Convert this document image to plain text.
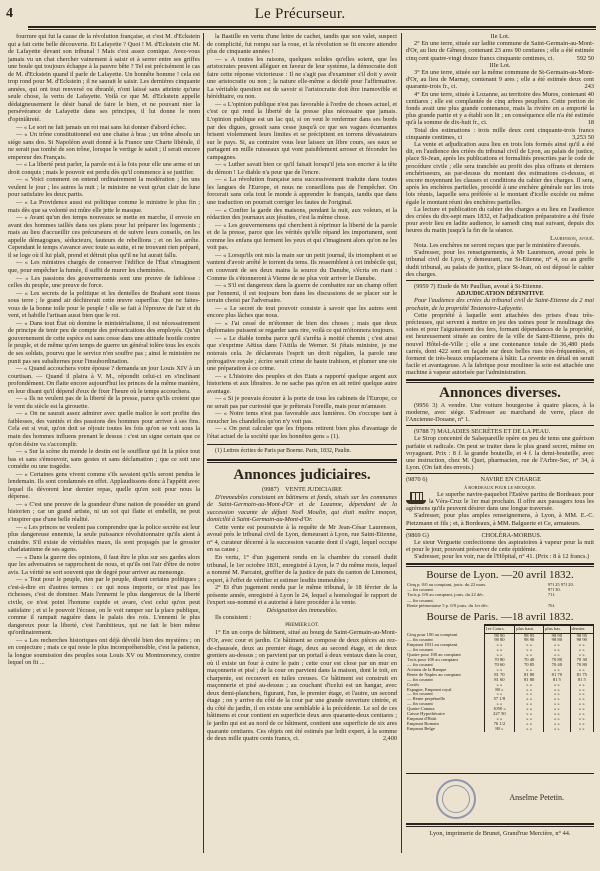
4	Le Précurseur.

fourrure qui fut la cause de la révolution française, et c'est M. d'Eckstein qui a fait cette belle découverte. Et Lafayette ? Quoi ! M. d'Eckstein cite M. de Lafayette devant son tribunal ! Mais c'est assez comique. Avez-vous jamais vu un chat chercher vainement à saisir et à serrer entre ses griffes une boule qui toujours échappe à la pauvre bête ? Tel est précisément le cas de M. d'Eckstein quand il parle de Lafayette. Un honnête homme ! cela est trop rond pour M. d'Eckstein ; il ne saurait le saisir. Les dernières cinquante années, qui ont tout renversé ou ébranlé, n'ont laissé sans atteinte qu'une seule chose, la vertu de Lafayette. Voilà ce que M. d'Eckstein appelle dédaigneusement le désir banal de faire le bien, et ne pouvant nier la persévérance de Lafayette dans ses principes, il lui donne le nom d'opiniâtreté.

— « Le sort ne fait jamais un roi mat sans lui donner d'abord échec.

— « Un trône constitutionnel est une chaise à bras ; un trône absolu un siége sans dos. Si Napoléon avait donné à la France une Charte libérale, il ne serait pas tombé de son trône, lorsque le vertige le saisit ; il serait encore empereur des Français.

— « La liberté peut parler, la parole est à la fois pour elle une arme et un droit conquis ; mais le pouvoir est perdu dès qu'il commence à se justifier.

— « Voici comment on entend ordinairement la modération ; les uns veulent le jour ; les autres la nuit ; le ministre ne veut qu'un clair de lune pour satisfaire les deux partis.

— « La Providence aussi est politique comme le ministre le plus fin ; mais dès que sa volonté est mûre elle jette le masque.

— « Avant qu'un des temps nouveaux se mette en marche, il envoie en avant des hommes taillés dans ses plans pour lui préparer les logements ; mais au lieu d'accueillir ces précurseurs et de suivre leurs conseils, on les appelle démagogues, séducteurs, fauteurs de rebellions ; et on les arrête. Cependant le temps s'avance avec toute sa suite, et ne trouvant rien préparé, il se loge où il lui plaît, prend et détruit plus qu'il ne lui aurait fallu.

— « Les ministres chargés de conserver l'édifice de l'État s'imaginent que, pour empêcher la fumée, il suffit de murer les cheminées.

— « Les passions des gouvernements sont une preuve de faiblesse : celles du peuple, une preuve de force.

— « Les secrets de la politique et les dentelles de Brabant sont tissus sous terre ; le grand air déchirerait cette œuvre superflue. Que ne faites-vous de la bonne toile pour le peuple ! elle se fait à l'épreuve de l'air et du vent, et habille l'artisan aussi bien que le roi.

— « Dans tout État où domine le ministérialisme, il est nécessairement de principe de tenir peu de compte des prévarications des employés. Qu'un gouvernement de cette espèce est sans cesse dans une attitude hostile contre le peuple, et de même qu'en temps de guerre un général tolère tous les excès de ses soldats, pourvu que le service n'en souffre pas ; ainsi le ministère ne punit pas ses subalternes pour l'insubordination.

— « Quand accouchera votre épouse ? demanda un jour Louis XIV à un courtisan. — Quand il plaira à V. M., répondit celui-ci en s'inclinant profondément. On flatte encore aujourd'hui les princes de la même manière, en leur disant qu'il dépend d'eux de fixer l'heure où le temps accouchera.

— « Ils ne veulent pas de la liberté de la presse, parce qu'ils croient que le vent du siècle est la girouette.

— « On ne saurait assez admirer avec quelle malice le sort profite des faiblesses, des vanités et des passions des hommes pour arriver à ses fins. Cela est si vrai, qu'on doit se réjouir toutes les fois qu'on se voit sous la main des hommes influens prenant le dessus : c'est un signe certain que ce qu'on désire va s'accomplir.

— « Sur la scène du monde le destin est le souffleur qui lit la pièce tout bas et sans s'émouvoir, sans gestes et sans déclamation ; que ce soit une comédie ou une tragédie.

— « Certaines gens vivent comme s'ils savaient qu'ils seront pendus le lendemain. Ils sont condamnés en effet. Applaudissons donc à l'appétit avec lequel ils dévorent leur dernier repas, quelle qu'en soit pour nous la dépense.

— « C'est une preuve de la grandeur d'une nation de posséder un grand historien ; car un grand artiste, ni un sot qui flatte et embellit, ne peut s'inspirer que d'une belle réalité.

— « Les princes ne veulent pas comprendre que la police secrète est leur plus dangereuse ennemie, la seule puissance révolutionnaire qu'ils aient à craindre. S'il existe de véritables maux, ils sont propagés par le grossier charlatanisme de ses agens.

— « Dans la guerre des opinions, il faut être le plus sur ses gardes alors que les adversaires se rapprochent de nous, et qu'ils ont l'air d'être de notre avis. La vérité ne sort souvent que de degré pour arriver au mensonge.

— « Tout pour le peuple, rien par le peuple, disent certains politiques ; c'est-à-dire en d'autres termes : ce qui nous importe, ce n'est pas les richesses, c'est de dominer. Mais l'ennemi le plus dangereux de la liberté civile, ce n'est point l'homme cupide et avare, c'est celui qu'on peut satisfaire ; et si le pouvoir l'écrase, on le voit ramper sur la place publique, comme il rampait naguère dans le palais des rois. L'ennemi le plus dangereux pour la liberté, c'est l'ambitieux, qui ne fait le bien même qu'ordinairement.

— « Les recherches historiques ont déjà dévoilé bien des mystères ; on en conjecture ; mais ce qui reste le plus incompréhensible, c'est la patience, la longue soumission des peuples sous Louis XV ou Montmorency, contre lequel on fit ...

la Bastille en vertu d'une lettre de cachet, tandis que son valet, suspect de complicité, fut rompu sur la roue, et la révolution se fit encore attendre plus de cinquante années !

— « A toutes les raisons, quelques solides qu'elles soient, que les aristocrates peuvent alléguer en faveur de leur système, la démocratie doit faire cette réponse victorieuse : Il ne s'agit pas d'examiner s'il doit y avoir une aristocratie ou non ; la nature elle-même a décidé pour l'affirmative. La véritable question est de savoir si l'aristocratie doit être inamovible et héréditaire, ou non.

— « L'opinion publique n'est pas favorable à l'ordre de choses actuel, et c'est ce qui rend la liberté de la presse plus nécessaire que jamais. L'opinion publique est un lac qui, si on veut le renfermer dans ses bords par des digues, grossit sans cesse jusqu'à ce que ses vagues écumantes brisent violemment leurs limites et se précipitent en torrens dévastateurs sur le pays. Si, au contraire vous leur laissez un libre cours, ses eaux se partagent en mille ruisseaux qui vont paisiblement arroser et féconder les campagnes.

— « Luther savait bien ce qu'il faisait lorsqu'il jeta son encrier à la tête du démon ! Le diable n'a peur que de l'encre.

— « La révolution française sera successivement traduite dans toutes les langues de l'Europe, et nous ne conseillons pas de l'empêcher. On forcerait sans cela tout le monde à apprendre le français, tandis que dans une traduction on pourrait corriger les fautes de l'original.

— « Confier la garde des maisons, pendant la nuit, aux voleurs, et la rédaction des journaux aux jésuites, c'est la même chose.

— « Les gouvernemens qui cherchent à réprimer la liberté de la parole et de la presse, parce que les vérités qu'elle répand les importunent, sont comme les enfans qui ferment les yeux et qui s'imaginent alors qu'on ne les voit pas.

— « Lorsqu'ils ont mis la main sur un petit journal, ils triomphent et se vantent d'avoir arrêté le torrent du tems. Ils ressemblent à cet imbécile qui, en couvrant de ses deux mains la source du Danube, s'écria en riant : Comme ils s'étonneront à Vienne de ne plus voir arriver le Danube.

— « S'il est dangereux dans la guerre de combattre sur un champ offert par l'ennemi, il est toujours bon dans les discussions de se placer sur le terrain choisi par l'adversaire.

— « Le secret de tout pouvoir consiste à savoir que les autres sont encore plus lâches que nous.

— « J'ai cessé de m'étonner de bien des choses ; mais que deux diplomates puissent se regarder sans rire, voilà ce qui m'étonnera toujours.

— « Le diable tomba parce qu'il s'arrêta à moitié chemin ; c'est ainsi que s'exprime Aëtius dans l'Attila de Werner. Si j'étais ministre, je me noterais cela. Je déclarerais l'esprit un droit régalien, la parole une prérogative royale ; écrire serait crime de haute trahison, et plumer une oie une préparation à ce crime.

— « L'histoire des peuples et des Etats a rapporté quelque argent aux historiens et aux libraires. Je ne sache pas qu'on en ait retiré quelque autre avantage.

— « Si je pouvais écouter à la porte de tous les cabinets de l'Europe, ce ne serait pas par curiosité que je prêterais l'oreille, mais pour m'amuser.

— « Notre tems n'est pas favorable aux lumières. On s'occupe tant à moucher les chandelles qu'on n'y voit pas.

— « On peut calculer que les fripons retirent bien plus d'avantage de l'état actuel de la société que les honnêtes gens » (1).

(1) Lettres écrites de Paris par Boerne. Paris, 1832, Paulin.

Annonces judiciaires.

(9987) VENTE JUDICIAIRE

D'immeubles consistant en bâtimens et fonds, situés sur les communes de Saint-Germain-au-Mont-d'Or et de Lozanne, dépendant de la succession vacante de défunt Noël Moulin, qui était maître maçon, domicilié à Saint-Germain-au-Mont-d'Or.

Cette vente est poursuivie à la requête de Mr Jean-César Laurenson, avoué près le tribunal civil de Lyon, demeurant à Lyon, rue Saint-Etienne, n° 4, curateur décerné à la succession vacante dont il s'agit, lequel occupe en sa cause ;

En vertu, 1° d'un jugement rendu en la chambre du conseil dudit tribunal, le 1er octobre 1831, enregistré à Lyon, le 7 du même mois, lequel a nommé M. Parcaint, greffier de la justice de paix du canton de Limonest, expert, à l'effet de vérifier et estimer lesdits immeubles ;

2° Et d'un jugement rendu par le même tribunal, le 18 février de la présente année, enregistré à Lyon le 24, lequel a homologué le rapport de l'expert sus-nommé et a autorisé à faire procéder à la vente.

Désignation des immeubles.

Ils consistent :

PREMIER LOT.

1° En un corps de bâtiment, situé au bourg de Saint-Germain-au-Mont-d'Or, avec cour et jardin. Ce bâtiment se compose de deux pièces au rez-de-chaussée, deux au premier étage, deux au second étage, et de deux greniers au-dessus ; on parvient par un portail à deux ventaux dans la cour, où il existe un four à cuire le pain ; cette cour est close par un mur en maçonnerie et pisé ; de la cour on parvient dans la maison, dont le toit, en charpente, est recouvert en tuiles creuses. Ce bâtiment est construit en maçonnerie et pisé au-dessus ; au couchant d'icelui est un hangar, avec deux demi-planchers, figurant, l'un, le premier étage, et l'autre, un second étage ; on y arrive du côté de la cour par une grande ouverture cintrée, et du côté du jardin, il en existe une semblable à la précédente. Le sol de ces bâtimens et cour contient en superficie deux ares quarante-deux centiares ; le jardin qui est au nord de ce bâtiment, contient une superficie de six ares quarante centiares. Ces objets ont été estimés par ledit expert, à la somme de deux mille quatre cents francs, ci.	2,400

IIe Lot.

2° En une terre, située sur ladite commune de Saint-Germain-au-Mont-d'Or, au lieu de Gênesy, contenant 23 ares 90 centiares ; elle a été estimée cinq cent quatre-vingt douze francs cinquante centimes, ci.	592 50

IIIe Lot.

3° En une terre, située sur la même commune de St-Germain-au-Mont-d'Or, au lieu de Marnay, contenant 9 ares ; elle a été estimée deux cent quarante-trois fr., ci.	243

4° En une terre, située à Lozanne, au territoire des Mures, contenant 40 centiares ; elle est complantée de cinq arbres peupliers. Cette portion de fonds avait une plus grande contenance, mais la rivière en a emporté la plus grande partie et y a établi son lit ; en conséquence elle n'a été estimée qu'à la somme de dix-huit fr., ci.	18

Total des estimations : trois mille deux cent cinquante-trois francs cinquante centimes, ci	3,253 50

La vente et adjudication aura lieu en trois lots formés ainsi qu'il a été dit, en l'audience des criées du tribunal civil de Lyon, au palais de justice, place St-Jean, après les publications et formalités prescrites par le code de procédure civile ; elle sera tranchée au profit des plus offrans et derniers enchérisseurs, au par-dessus du montant des estimations ci-dessus, et encore moyennant les clauses et conditions du cahier des charges. Il sera, après les enchères partielles, procédé à une enchère générale sur les trois lots réunis, laquelle sera préférée si le montant d'icelle excède ou même égale le montant réuni des enchères partielles.

La lecture et publication du cahier des charges a eu lieu en l'audience des criées du dix-sept mars 1832, et l'adjudication préparatoire a été fixée pour avoir lieu en ladite audience, le samedi cinq mai suivant, depuis dix heures du matin jusqu'à la fin de la séance.

Laurenson, avoué.

Nota. Les enchères ne seront reçues que par le ministère d'avoués.

S'adresser, pour les renseignements, à Mr Laurenson, avoué près le tribunal civil de Lyon, y demeurant, rue St-Etienne, n° 4, ou au greffe dudit tribunal, au palais de justice, place St-Jean, où est déposé le cahier des charges.

(9959 7) Etude de Mr Paullian, avoué à St-Etienne.

ADJUDICATION DÉFINITIVE

Pour l'audience des criées du tribunal civil de Saint-Etienne du 2 mai prochain, de la propriété Testenoire-Lafayette.

Cette propriété à laquelle sont attachées des prises d'eau très-précieuses, qui servent à mettre en jeu des usines pour le moulinage des soies et pour l'aiguisement des fers, formant dépendances de la propriété, est heureusement située au centre de la ville de Saint-Etienne, près du nouvel Hôtel-de-Ville ; elle a une contenance totale de 36,480 pieds carrés, dont 422 sont en façade sur deux belles rues très-fréquentées, et forment de très-beaux emplacemens à bâtir. La revente en détail en serait facile et avantageuse. A la fabrique pour mouliner la soie est attachée une machine à vapeur autorisée par l'administration.

Annonces diverses.

(9956 3) A vendre. Une voiture bourgeoise à quatre places, à la moderne, avec siége. S'adresser au marchand de verre, place de l'Ancienne-Douane, n° 1.

(9788 7) MALADIES SECRÈTES ET DE LA PEAU.

Le Sirop concentré de Salsepareille opère en peu de tems une guérison parfaite et radicale. On peut se traiter dans le plus grand secret, même en voyageant. Prix : 8 f. la grande bouteille, et 4 f. la demi-bouteille, avec une instruction, chez M. Quet, pharmacien, rue de l'Arbre-Sec, n° 34, à Lyon. (On fait des envois.)

(9870 6)	NAVIRE EN CHARGE

À BORDEAUX POUR LE MEXIQUE.

Le superbe navire-paquebot l'Estève partira de Bordeaux pour la Véra-Cruz le 1er mai prochain. Il offre aux passagers tous les agrémens qu'ils peuvent désirer dans une longue traversée.

S'adresser, pour plus amples renseignemens, à Lyon, à MM. E.-C. Pietzmann et fils ; et, à Bordeaux, à MM. Balguerie et Ce, armateurs.

(9869 G)	CHOLÉRA-MORBUS.

Le sieur Verguette confectionne des aspiratoires à vapeur pour la nuit et pour le jour, pouvant préserver de cette épidémie.

S'adresser, pour les voir, rue de l'Hôpital, n° 41. (Prix : 8 à 12 francs.)

Bourse de Lyon. —20 avril 1832.
Cinq p. 0/0 au comptant, jouis. du 22 mars.	97f 25 97f 20.
— fin courant.	97f 30.
Trois p. 0/0 au comptant, jouis. du 22 déc.	71f.
— fin courant.	
Rente piémontaise 5 p. 0/0 jouis. du 1er déc.	76f.
Bourse de Paris. —18 avril 1832.
	1er Cours.	plus haut.	plus bas.	dernier.
Cinq pour 100 au comptant	98 90	98 95	98 90	98 95
— fin courant	98 80	98 90	98 80	98 90
Emprunt 1831 au comptant	» »	» »	» »	» »
— fin courant	» »	» »	» »	» »
Quatre pour 100 au comptant	» »	» »	» »	» »
Trois pour 100 au comptant	70 80	70 40	70 80	70 30
— fin courant	70 60	70 85	70 40	70 80
Actions de la Banque	» »	» »	» »	» »
Rente de Naples au comptant	81 70	81 80	81 70	81 75
— fin courant	81 60	81 80	81 5	81 5
Cortès	» »	» »	» »	» »
Espagne, Emprunt royal	80 »	» »	» »	» »
— fin courant	» »	» »	» »	» »
— Rente perpétuelle	57 1/8	» »	» »	» »
— fin courant	» »	» »	» »	» »
Quatre Canaux	1050 »	» »	» »	» »
Caisse Hypothécaire	227 50	» »	» »	» »
Emprunt d'Haïti	» »	» »	» »	» »
Emprunt Romain	76 1/2	» »	» »	» »
Emprunt Belge	80 »	» »	» »	» »
Anselme Petetin.

Lyon, imprimerie de Brunet, Grand'rue Mercière, n° 44.
